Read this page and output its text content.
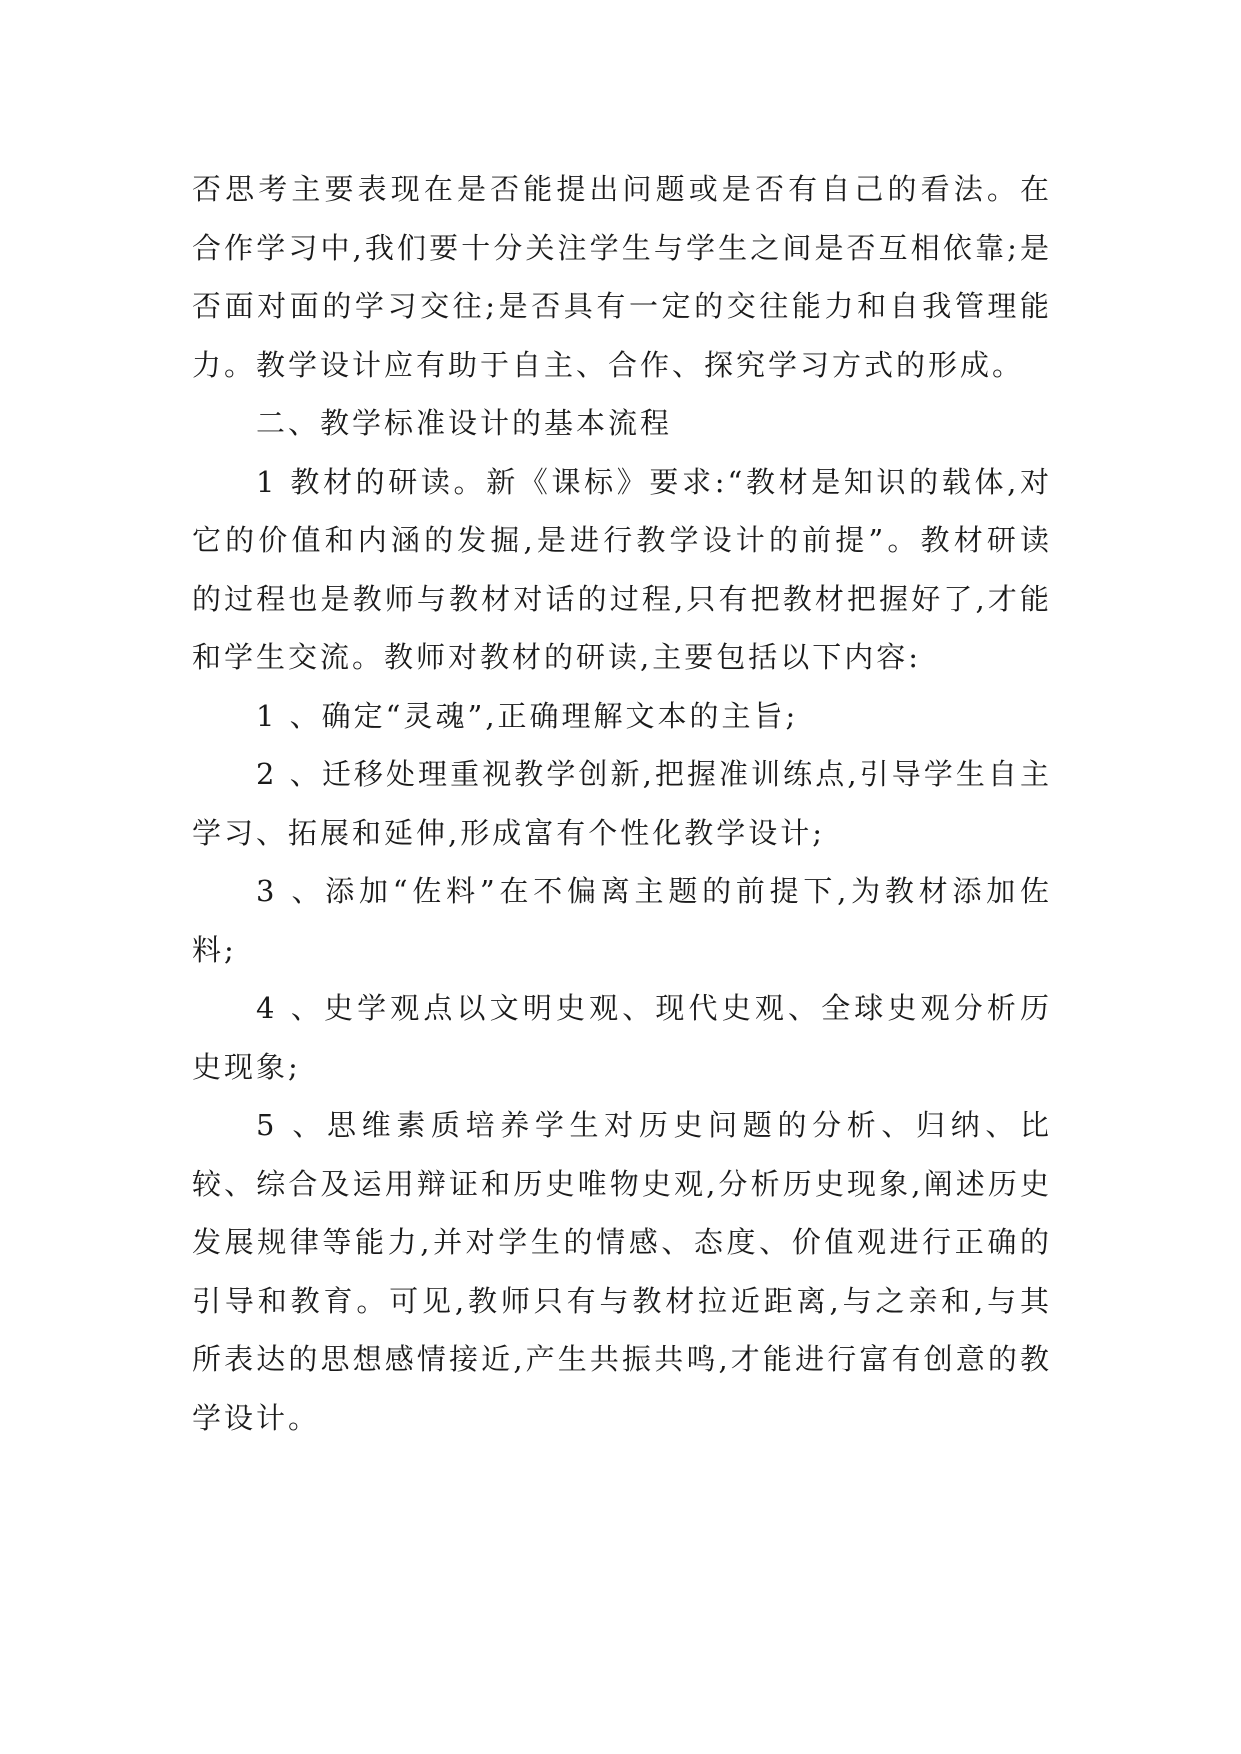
否思考主要表现在是否能提出问题或是否有自己的看法。在合作学习中,我们要十分关注学生与学生之间是否互相依靠;是否面对面的学习交往;是否具有一定的交往能力和自我管理能力。教学设计应有助于自主、合作、探究学习方式的形成。

二、教学标准设计的基本流程

1 教材的研读。新《课标》要求:“教材是知识的载体,对它的价值和内涵的发掘,是进行教学设计的前提”。教材研读的过程也是教师与教材对话的过程,只有把教材把握好了,才能和学生交流。教师对教材的研读,主要包括以下内容:

1 、确定“灵魂”,正确理解文本的主旨;

2 、迁移处理重视教学创新,把握准训练点,引导学生自主学习、拓展和延伸,形成富有个性化教学设计;

3 、添加“佐料”在不偏离主题的前提下,为教材添加佐料;

4 、史学观点以文明史观、现代史观、全球史观分析历史现象;

5 、思维素质培养学生对历史问题的分析、归纳、比较、综合及运用辩证和历史唯物史观,分析历史现象,阐述历史发展规律等能力,并对学生的情感、态度、价值观进行正确的引导和教育。可见,教师只有与教材拉近距离,与之亲和,与其所表达的思想感情接近,产生共振共鸣,才能进行富有创意的教学设计。
